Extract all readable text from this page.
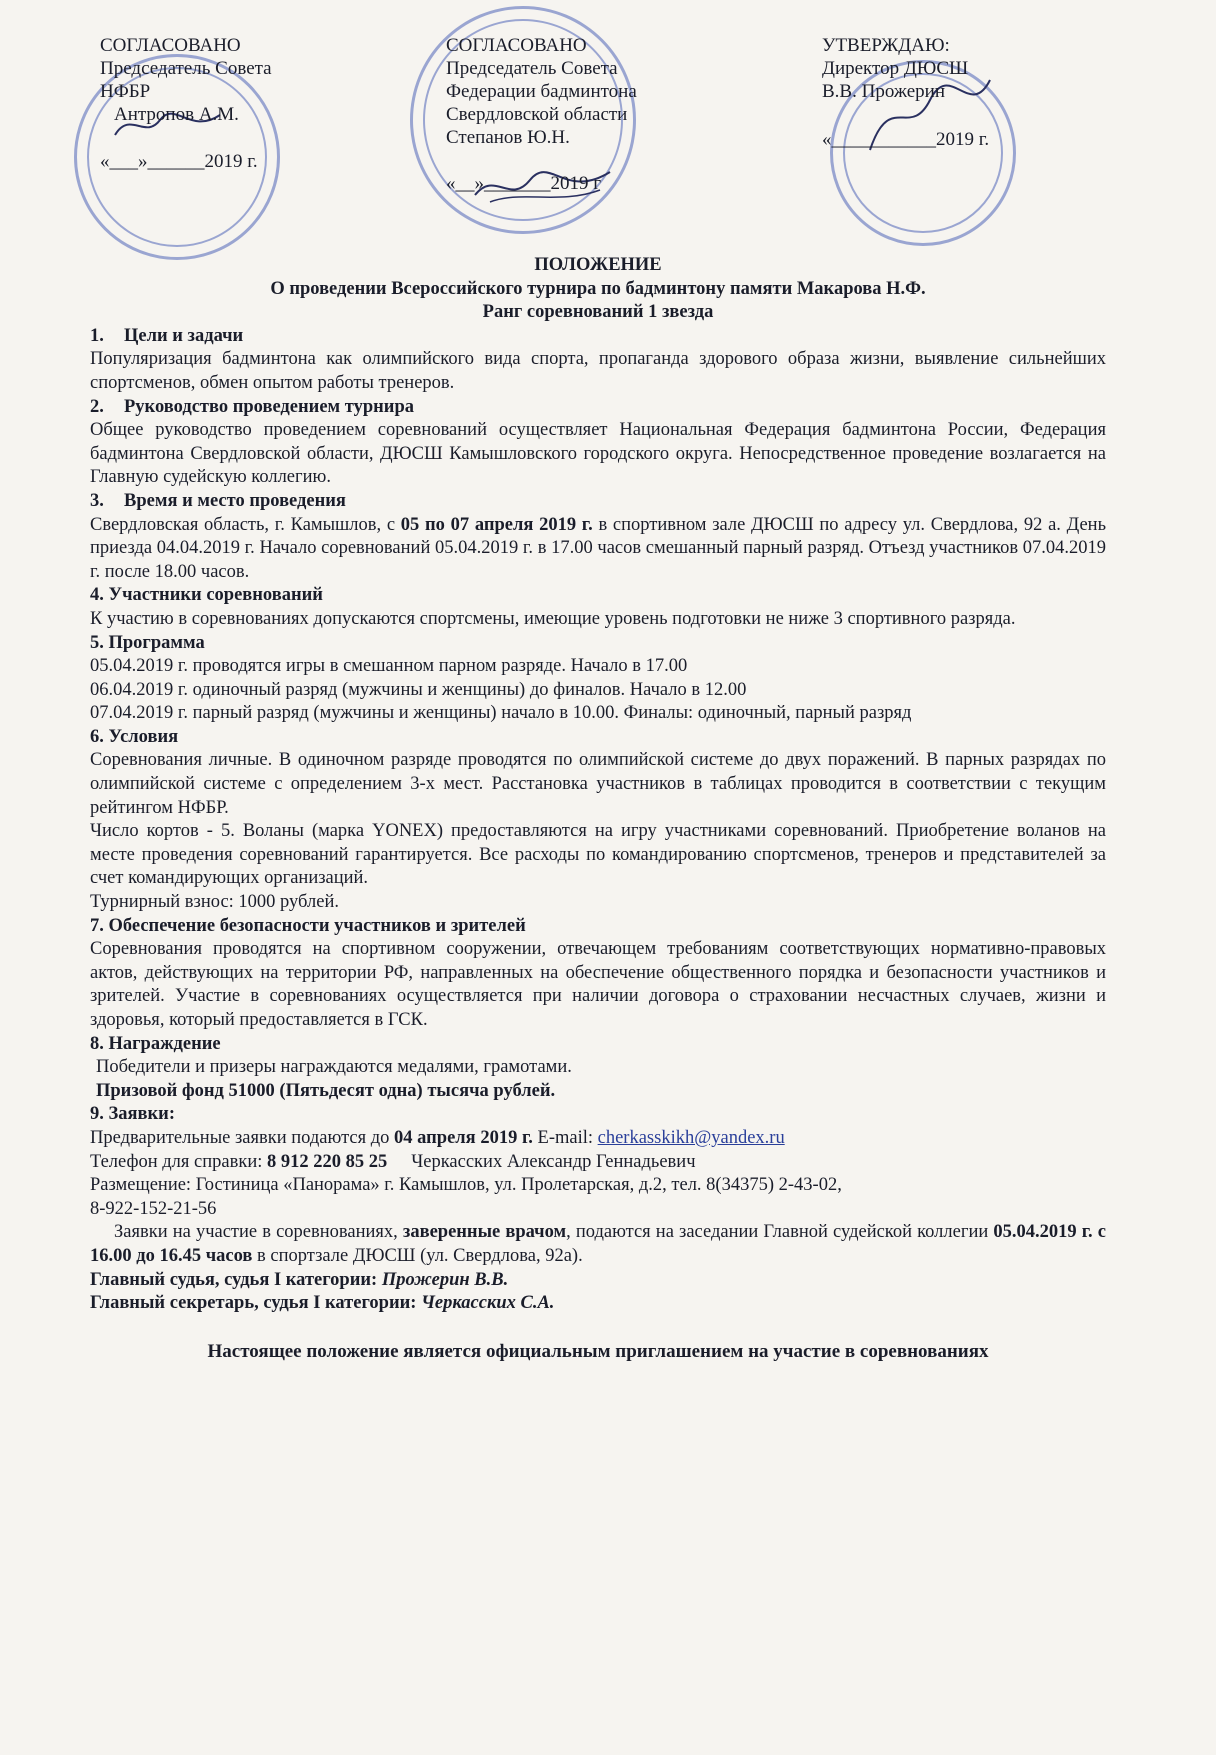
СОГЛАСОВАНО
Председатель Совета
НФБР
Антропов А.М.
«___»______2019 г.
СОГЛАСОВАНО
Председатель Совета
Федерации бадминтона
Свердловской области
Степанов Ю.Н.
«__»_______2019 г
УТВЕРЖДАЮ:
Директор ДЮСШ
В.В. Прожерин
«___________2019 г.
ПОЛОЖЕНИЕ
О проведении Всероссийского турнира по бадминтону памяти Макарова Н.Ф.
Ранг соревнований 1 звезда
1. Цели и задачи
Популяризация бадминтона как олимпийского вида спорта, пропаганда здорового образа жизни, выявление сильнейших спортсменов, обмен опытом работы тренеров.
2. Руководство проведением турнира
Общее руководство проведением соревнований осуществляет Национальная Федерация бадминтона России, Федерация бадминтона Свердловской области, ДЮСШ Камышловского городского округа. Непосредственное проведение возлагается на Главную судейскую коллегию.
3. Время и место проведения
Свердловская область, г. Камышлов, с 05 по 07 апреля 2019 г. в спортивном зале ДЮСШ по адресу ул. Свердлова, 92 а. День приезда 04.04.2019 г. Начало соревнований 05.04.2019 г. в 17.00 часов смешанный парный разряд. Отъезд участников 07.04.2019 г. после 18.00 часов.
4. Участники соревнований
К участию в соревнованиях допускаются спортсмены, имеющие уровень подготовки не ниже 3 спортивного разряда.
5. Программа
05.04.2019 г. проводятся игры в смешанном парном разряде. Начало в 17.00
06.04.2019 г. одиночный разряд (мужчины и женщины) до финалов. Начало в 12.00
07.04.2019 г. парный разряд (мужчины и женщины) начало в 10.00. Финалы: одиночный, парный разряд
6. Условия
Соревнования личные. В одиночном разряде проводятся по олимпийской системе до двух поражений. В парных разрядах по олимпийской системе с определением 3-х мест. Расстановка участников в таблицах проводится в соответствии с текущим рейтингом НФБР.
Число кортов - 5. Воланы (марка YONEX) предоставляются на игру участниками соревнований. Приобретение воланов на месте проведения соревнований гарантируется. Все расходы по командированию спортсменов, тренеров и представителей за счет командирующих организаций.
Турнирный взнос: 1000 рублей.
7. Обеспечение безопасности участников и зрителей
Соревнования проводятся на спортивном сооружении, отвечающем требованиям соответствующих нормативно-правовых актов, действующих на территории РФ, направленных на обеспечение общественного порядка и безопасности участников и зрителей. Участие в соревнованиях осуществляется при наличии договора о страховании несчастных случаев, жизни и здоровья, который предоставляется в ГСК.
8. Награждение
Победители и призеры награждаются медалями, грамотами.
Призовой фонд 51000 (Пятьдесят одна) тысяча рублей.
9. Заявки:
Предварительные заявки подаются до 04 апреля 2019 г. E-mail: cherkasskikh@yandex.ru
Телефон для справки: 8 912 220 85 25 Черкасских Александр Геннадьевич
Размещение: Гостиница «Панорама» г. Камышлов, ул. Пролетарская, д.2, тел. 8(34375) 2-43-02,
8-922-152-21-56
Заявки на участие в соревнованиях, заверенные врачом, подаются на заседании Главной судейской коллегии 05.04.2019 г. с 16.00 до 16.45 часов в спортзале ДЮСШ (ул. Свердлова, 92а).
Главный судья, судья I категории: Прожерин В.В.
Главный секретарь, судья I категории: Черкасских С.А.
Настоящее положение является официальным приглашением на участие в соревнованиях
